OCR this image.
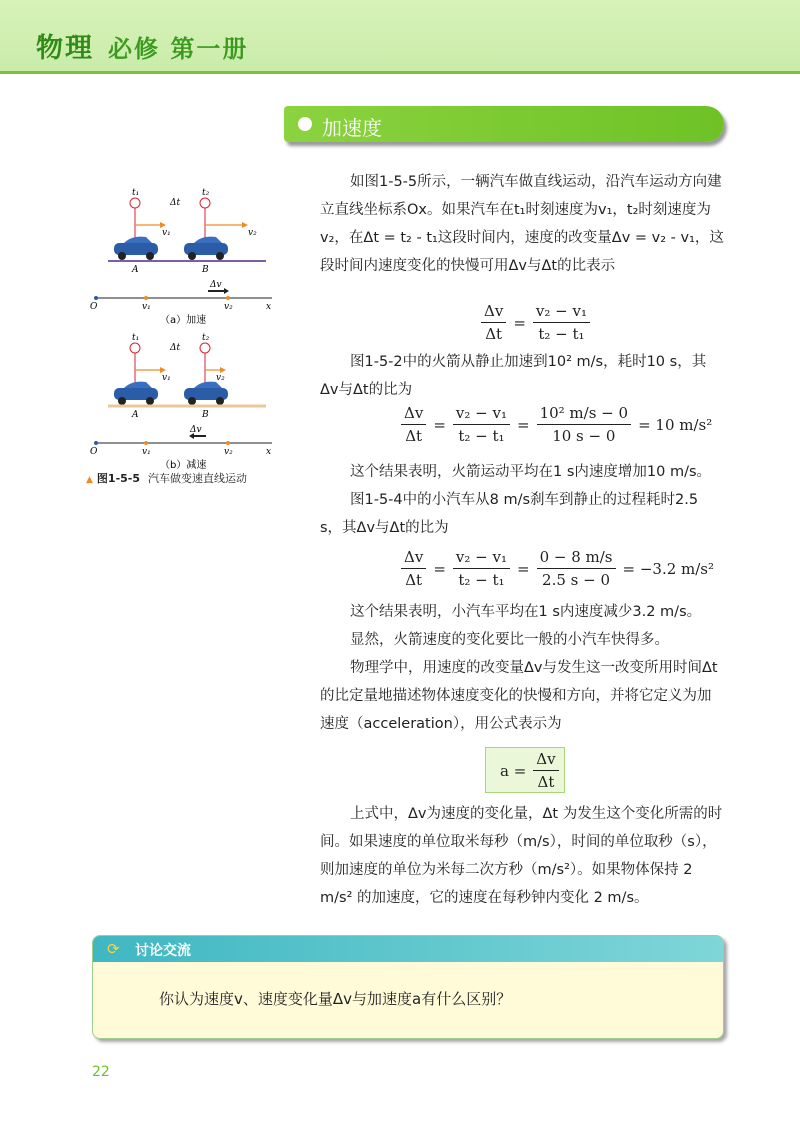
物理 必修 第一册
加速度
t₁	t₂
Δt
v₁	v₂
A	B
Δv
O	v₁	v₂	x
（a）加速
t₁	t₂
Δt
v₁	v₂
A	B
Δv
O	v₁	v₂	x
（b）减速
▲ 图1-5-5 汽车做变速直线运动
如图1-5-5所示，一辆汽车做直线运动，沿汽车运动方向建立直线坐标系Ox。如果汽车在t₁时刻速度为v₁，t₂时刻速度为v₂，在Δt = t₂ - t₁这段时间内，速度的改变量Δv = v₂ - v₁，这段时间内速度变化的快慢可用Δv与Δt的比表示
$\frac{\Delta v}{\Delta t} = \frac{\text{v₂ − v₁}}{\text{t₂ − t₁}}$
图1-5-2中的火箭从静止加速到10² m/s，耗时10 s，其Δv与Δt的比为
$\frac{\Delta v}{\Delta t} = \frac{\text{v₂ − v₁}}{\text{t₂ − t₁}} = \frac{\text{10² m/s − 0}}{10 s - 0} = 10$ m/s²
这个结果表明，火箭运动平均在1 s内速度增加10 m/s。
图1-5-4中的小汽车从8 m/s刹车到静止的过程耗时2.5 s，其Δv与Δt的比为
$\frac{\Delta v}{\Delta t} = \frac{\text{v₂ − v₁}}{\text{t₂ − t₁}} = \frac{0 - 8 m/s}{2.5 s - 0} = -3.2$ m/s²
这个结果表明，小汽车平均在1 s内速度减少3.2 m/s。
显然，火箭速度的变化要比一般的小汽车快得多。
物理学中，用速度的改变量Δv与发生这一改变所用时间Δt的比定量地描述物体速度变化的快慢和方向，并将它定义为加速度（acceleration），用公式表示为
$a = \frac{\Delta v}{\Delta t}$
上式中，Δv为速度的变化量，Δt 为发生这个变化所需的时间。如果速度的单位取米每秒（m/s），时间的单位取秒（s），则加速度的单位为米每二次方秒（m/s²）。如果物体保持 2 m/s² 的加速度，它的速度在每秒钟内变化 2 m/s。
⟳ 讨论交流
你认为速度v、速度变化量Δv与加速度a有什么区别？
22
